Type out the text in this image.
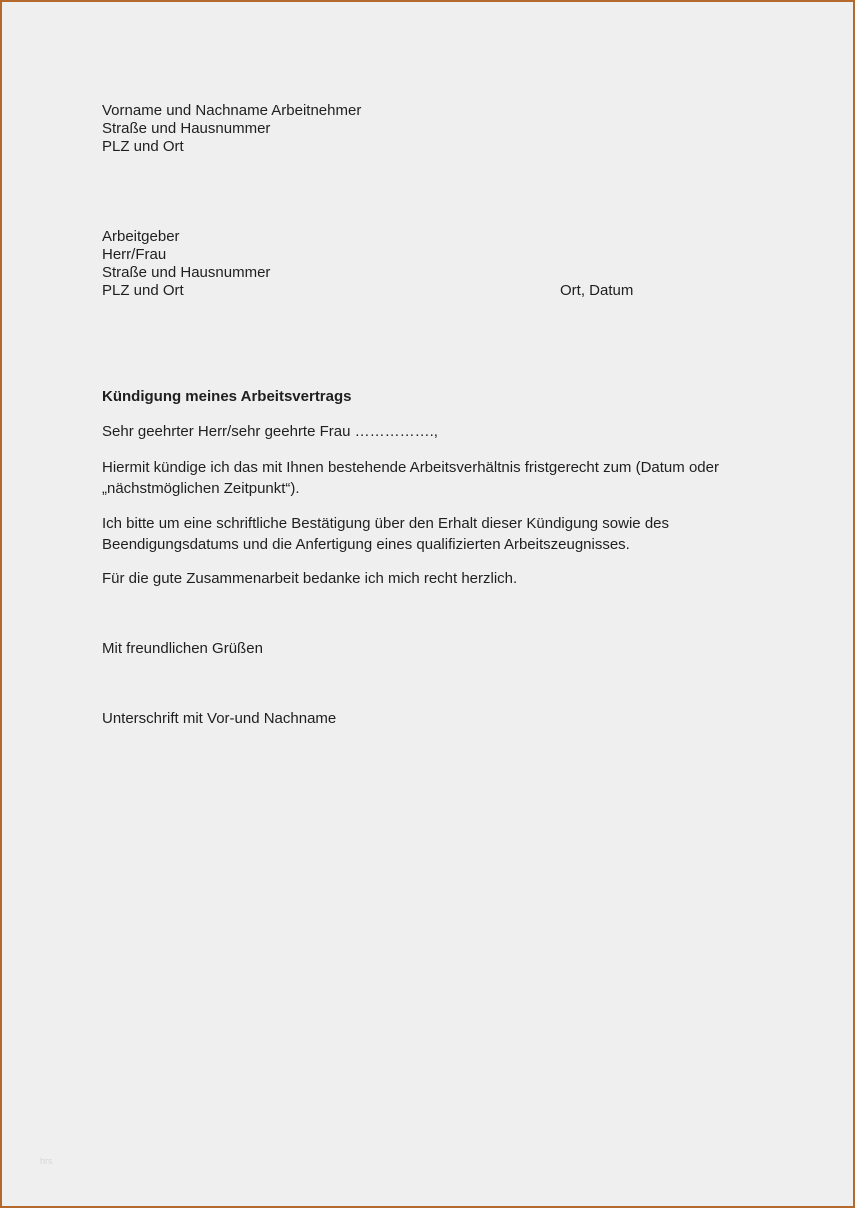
Vorname und Nachname Arbeitnehmer
Straße und Hausnummer
PLZ und Ort
Arbeitgeber
Herr/Frau
Straße und Hausnummer
PLZ und Ort	Ort, Datum
Kündigung meines Arbeitsvertrags
Sehr geehrter Herr/sehr geehrte Frau …………….,
Hiermit kündige ich das mit Ihnen bestehende Arbeitsverhältnis fristgerecht zum (Datum oder
„nächstmöglichen Zeitpunkt“).
Ich bitte um eine schriftliche Bestätigung über den Erhalt dieser Kündigung sowie des
Beendigungsdatums und die Anfertigung eines qualifizierten Arbeitszeugnisses.
Für die gute Zusammenarbeit bedanke ich mich recht herzlich.
Mit freundlichen Grüßen
Unterschrift mit Vor-und Nachname
hrs
